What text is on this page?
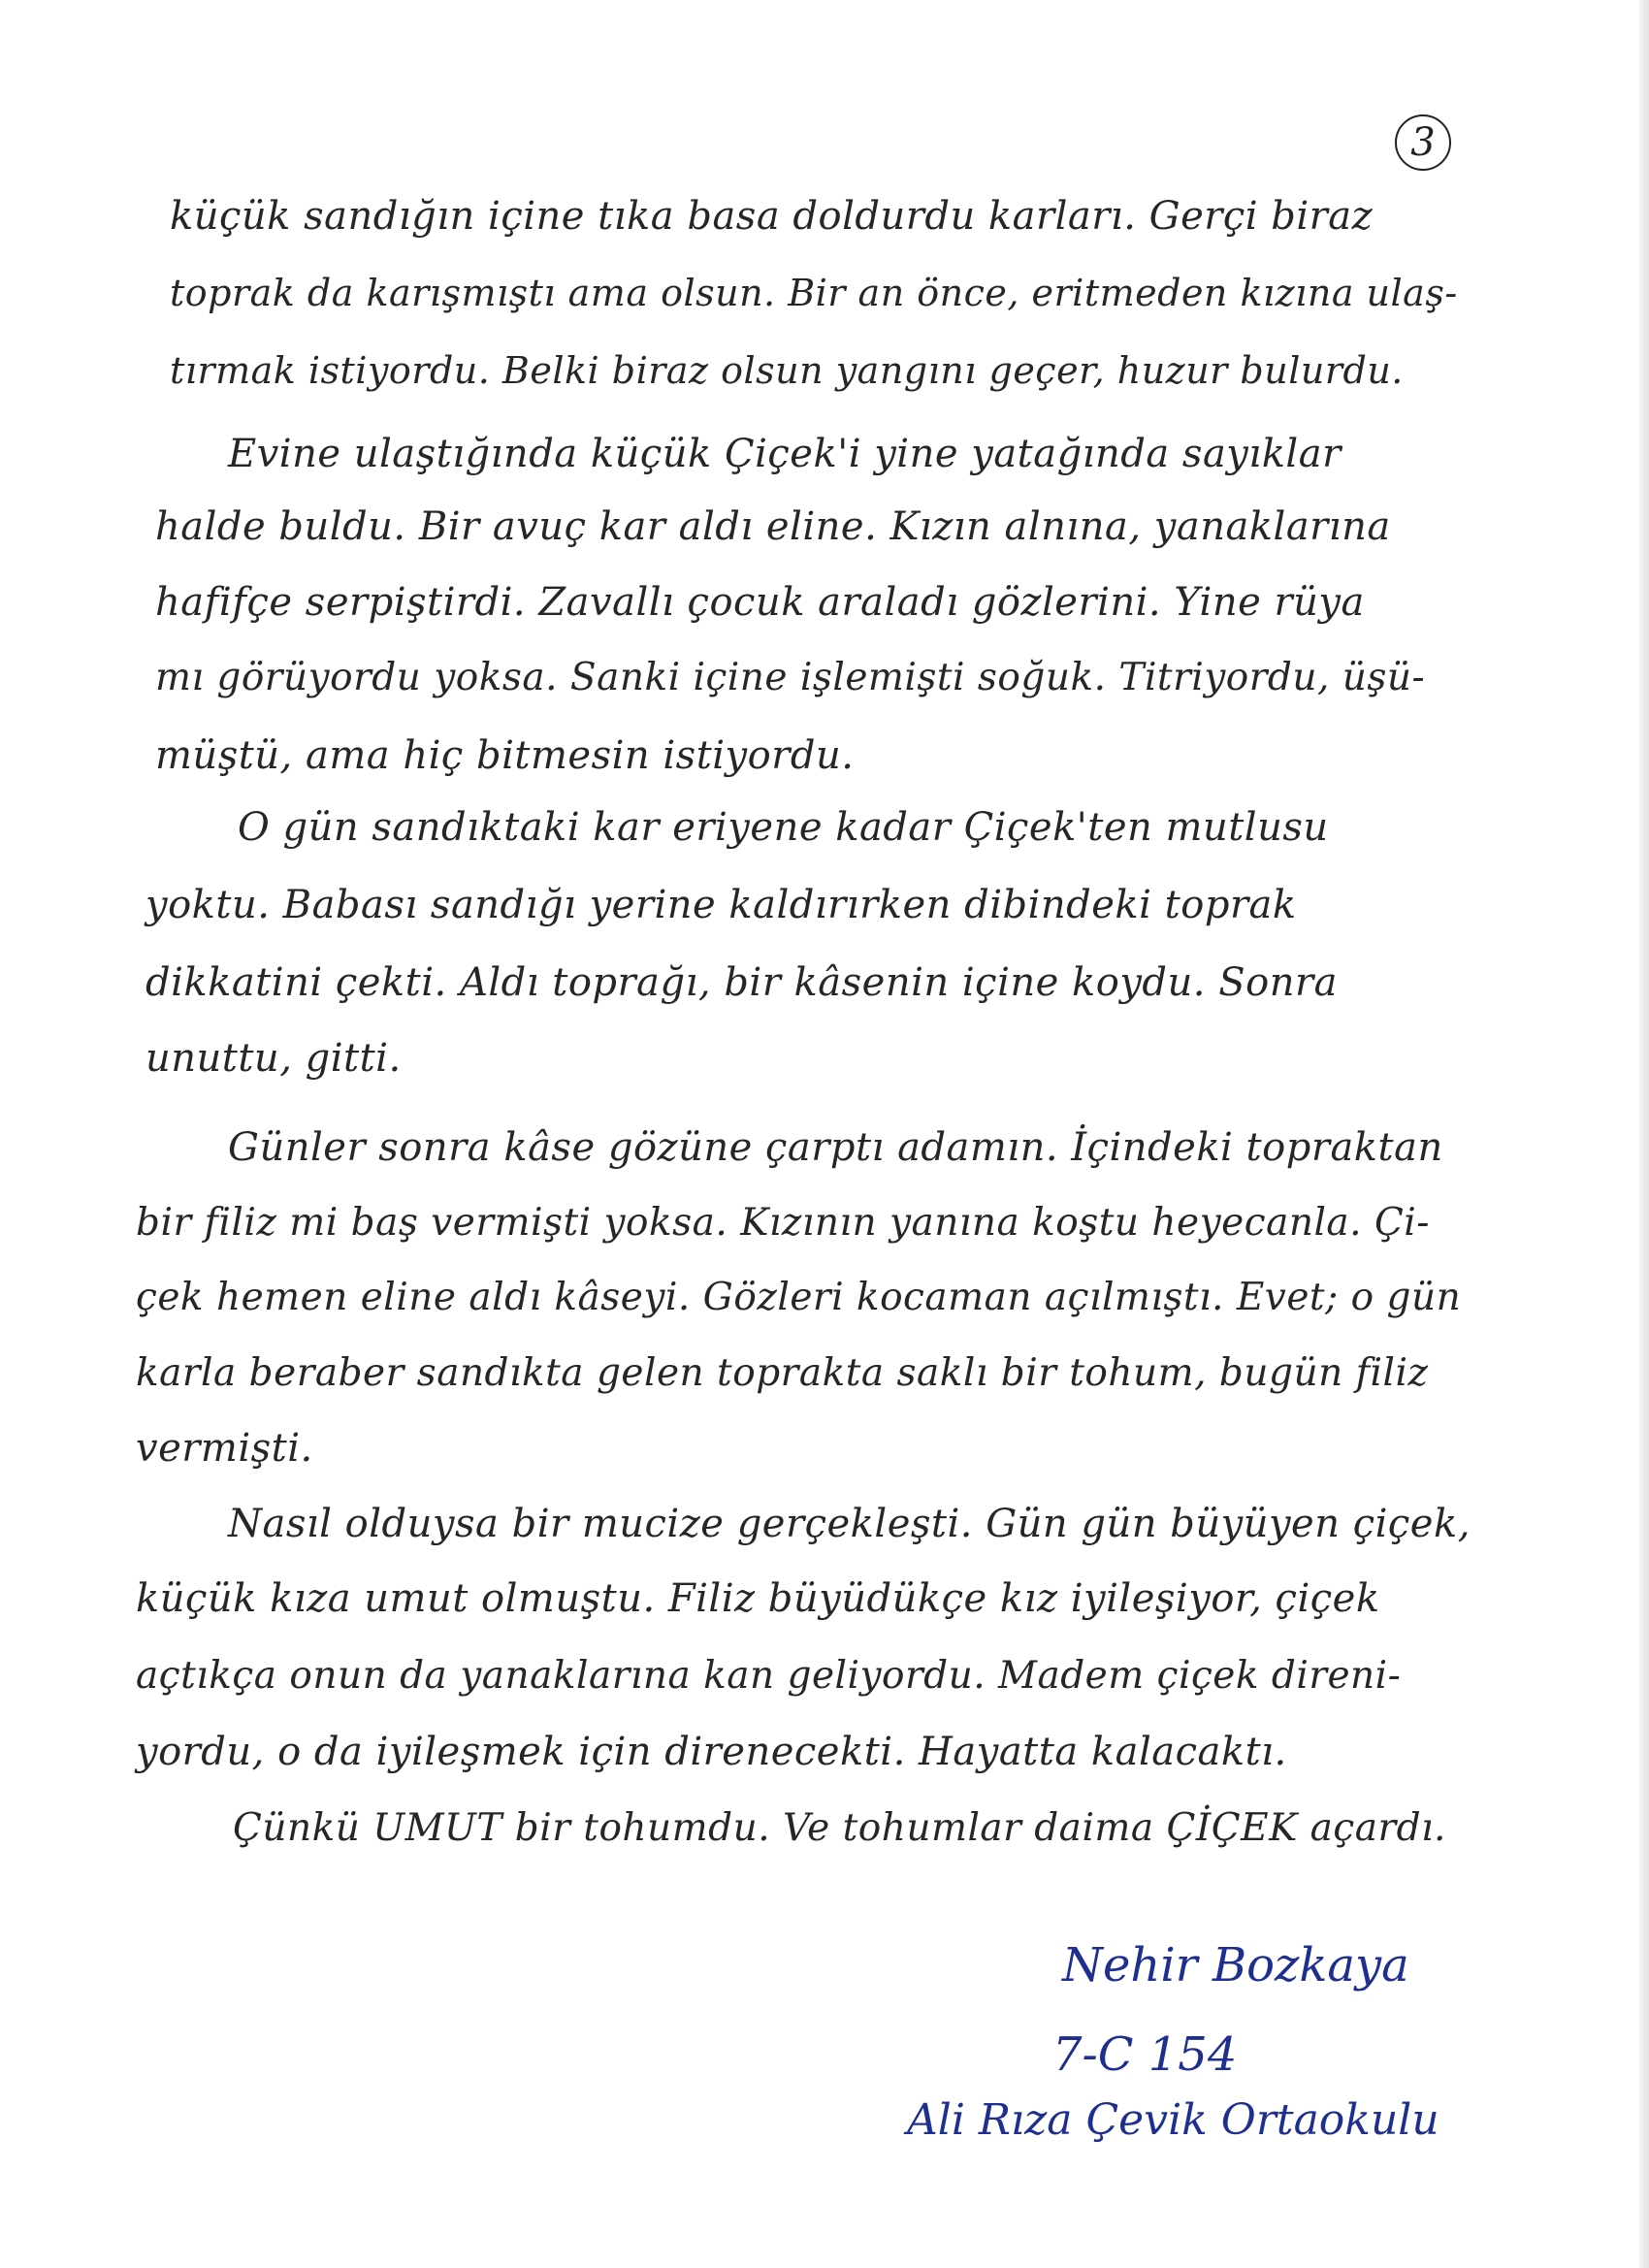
3
küçük sandığın içine tıka basa doldurdu karları. Gerçi biraz
toprak da karışmıştı ama olsun. Bir an önce, eritmeden kızına ulaş-
tırmak istiyordu. Belki biraz olsun yangını geçer, huzur bulurdu.
Evine ulaştığında küçük Çiçek'i yine yatağında sayıklar
halde buldu. Bir avuç kar aldı eline. Kızın alnına, yanaklarına
hafifçe serpiştirdi. Zavallı çocuk araladı gözlerini. Yine rüya
mı görüyordu yoksa. Sanki içine işlemişti soğuk. Titriyordu, üşü-
müştü, ama hiç bitmesin istiyordu.
O gün sandıktaki kar eriyene kadar Çiçek'ten mutlusu
yoktu. Babası sandığı yerine kaldırırken dibindeki toprak
dikkatini çekti. Aldı toprağı, bir kâsenin içine koydu. Sonra
unuttu, gitti.
Günler sonra kâse gözüne çarptı adamın. İçindeki topraktan
bir filiz mi baş vermişti yoksa. Kızının yanına koştu heyecanla. Çi-
çek hemen eline aldı kâseyi. Gözleri kocaman açılmıştı. Evet; o gün
karla beraber sandıkta gelen toprakta saklı bir tohum, bugün filiz
vermişti.
Nasıl olduysa bir mucize gerçekleşti. Gün gün büyüyen çiçek,
küçük kıza umut olmuştu. Filiz büyüdükçe kız iyileşiyor, çiçek
açtıkça onun da yanaklarına kan geliyordu. Madem çiçek direni-
yordu, o da iyileşmek için direnecekti. Hayatta kalacaktı.
Çünkü UMUT bir tohumdu. Ve tohumlar daima ÇİÇEK açardı.
Nehir Bozkaya
7-C 154
Ali Rıza Çevik Ortaokulu
